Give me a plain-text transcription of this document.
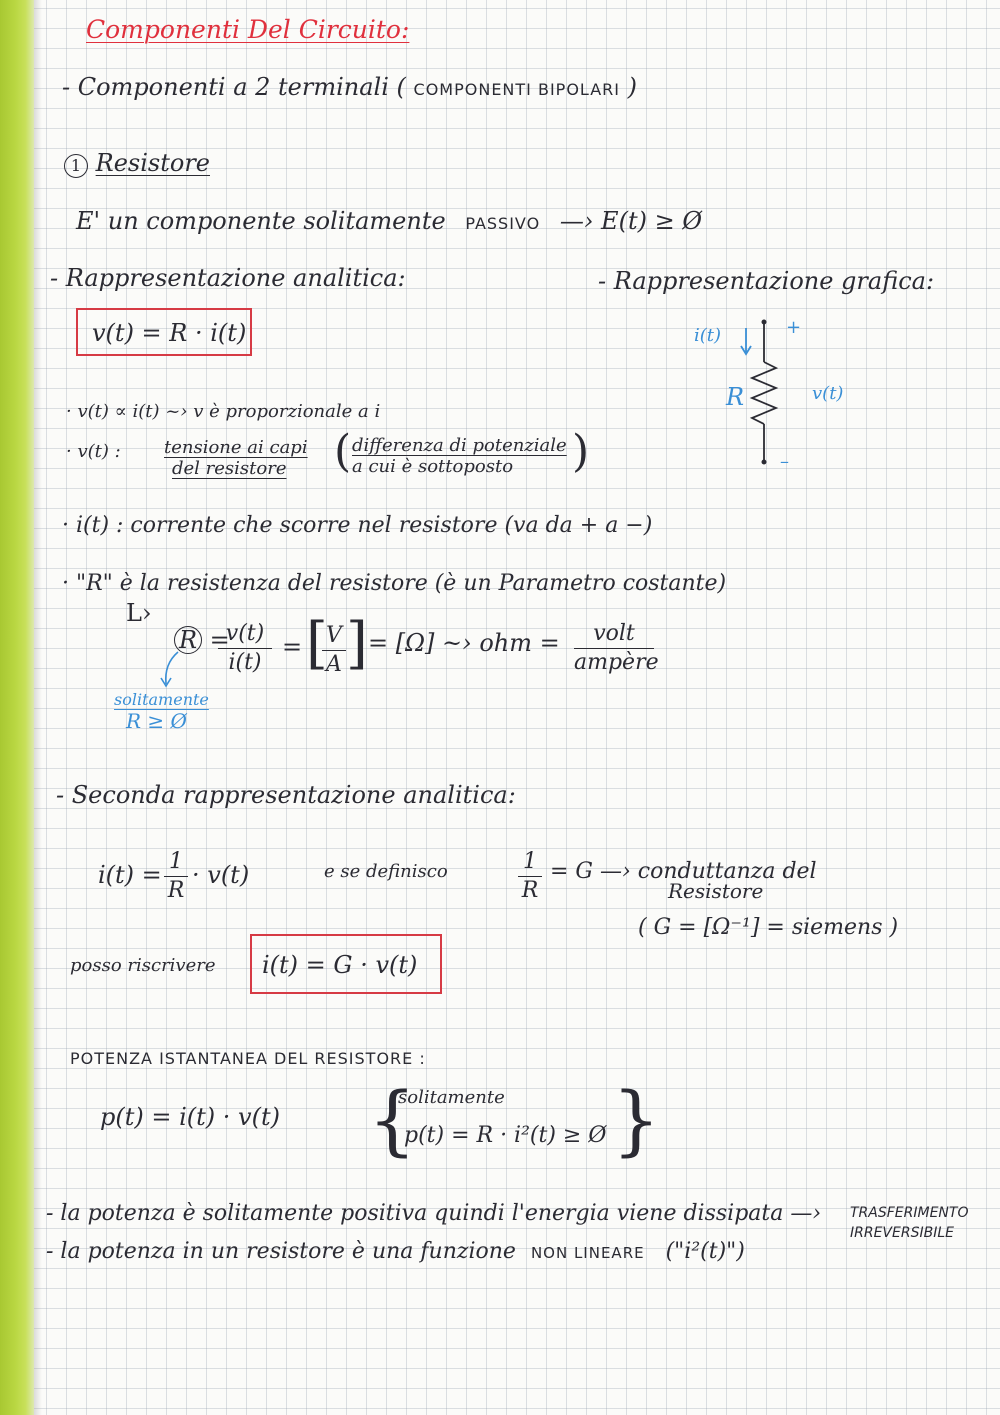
Componenti Del Circuito:
- Componenti a 2 terminali ( COMPONENTI BIPOLARI )
1 Resistore
E' un componente solitamente PASSIVO —› E(t) ≥ Ø
- Rappresentazione analitica:	- Rappresentazione grafica:
v(t) = R · i(t)	i(t)	+
–
R	v(t)
· v(t) ∝ i(t) ~› v è proporzionale a i
· v(t) : tensione ai capi
del resistore	( differenza di potenziale
a cui è sottoposto	)
· i(t) : corrente che scorre nel resistore (va da + a −)
· "R" è la resistenza del resistore (è un Parametro costante)
L›
R =
v(t)
i(t)
= [
V
A ] = [Ω] ~› ohm =	volt
ampère
solitamente
R ≥ Ø
- Seconda rappresentazione analitica:
i(t) = 1
R
· v(t)	e se definisco	1
R
= G —› conduttanza del
Resistore
( G = [Ω⁻¹] = siemens )
posso riscrivere i(t) = G · v(t)
POTENZA ISTANTANEA DEL RESISTORE :
p(t) = i(t) · v(t) {
solitamente
p(t) = R · i²(t) ≥ Ø }
- la potenza è solitamente positiva quindi l'energia viene dissipata —› TRASFERIMENTO
IRREVERSIBILE
- la potenza in un resistore è una funzione NON LINEARE ("i²(t)")
